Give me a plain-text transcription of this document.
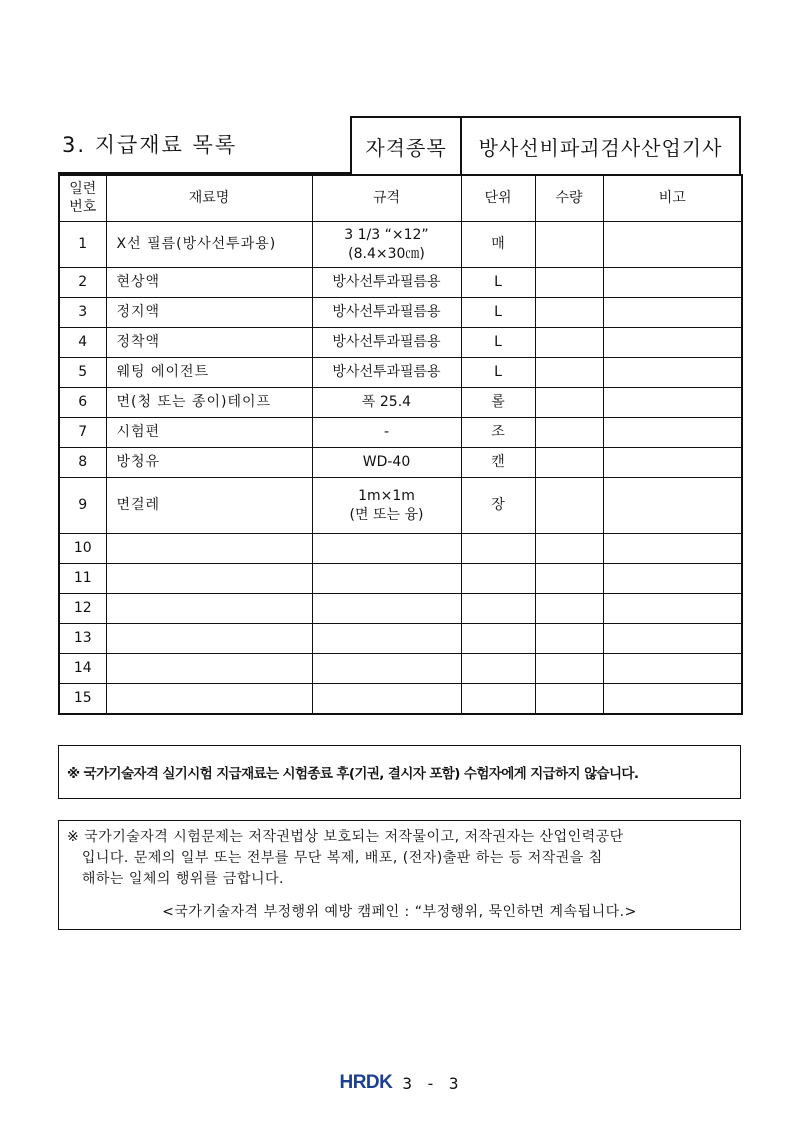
3. 지급재료 목록	자격종목	방사선비파괴검사산업기사
일련
번호	재료명	규격	단위	수량	비고
1	X선 필름(방사선투과용)	3 1/3 “×12”
(8.4×30㎝)	매		
2	현상액	방사선투과필름용	L		
3	정지액	방사선투과필름용	L		
4	정착액	방사선투과필름용	L		
5	웨팅 에이전트	방사선투과필름용	L		
6	면(청 또는 종이)테이프	폭 25.4	롤		
7	시험편	-	조		
8	방청유	WD-40	캔		
9	면걸레	1m×1m
(면 또는 융)	장		
10					
11					
12					
13					
14					
15					
※ 국가기술자격 실기시험 지급재료는 시험종료 후(기권, 결시자 포함) 수험자에게 지급하지 않습니다.
※ 국가기술자격 시험문제는 저작권법상 보호되는 저작물이고, 저작권자는 산업인력공단
입니다. 문제의 일부 또는 전부를 무단 복제, 배포, (전자)출판 하는 등 저작권을 침
해하는 일체의 행위를 금합니다.
<국가기술자격 부정행위 예방 캠페인 : “부정행위, 묵인하면 계속됩니다.>
HRDK 3 - 3
